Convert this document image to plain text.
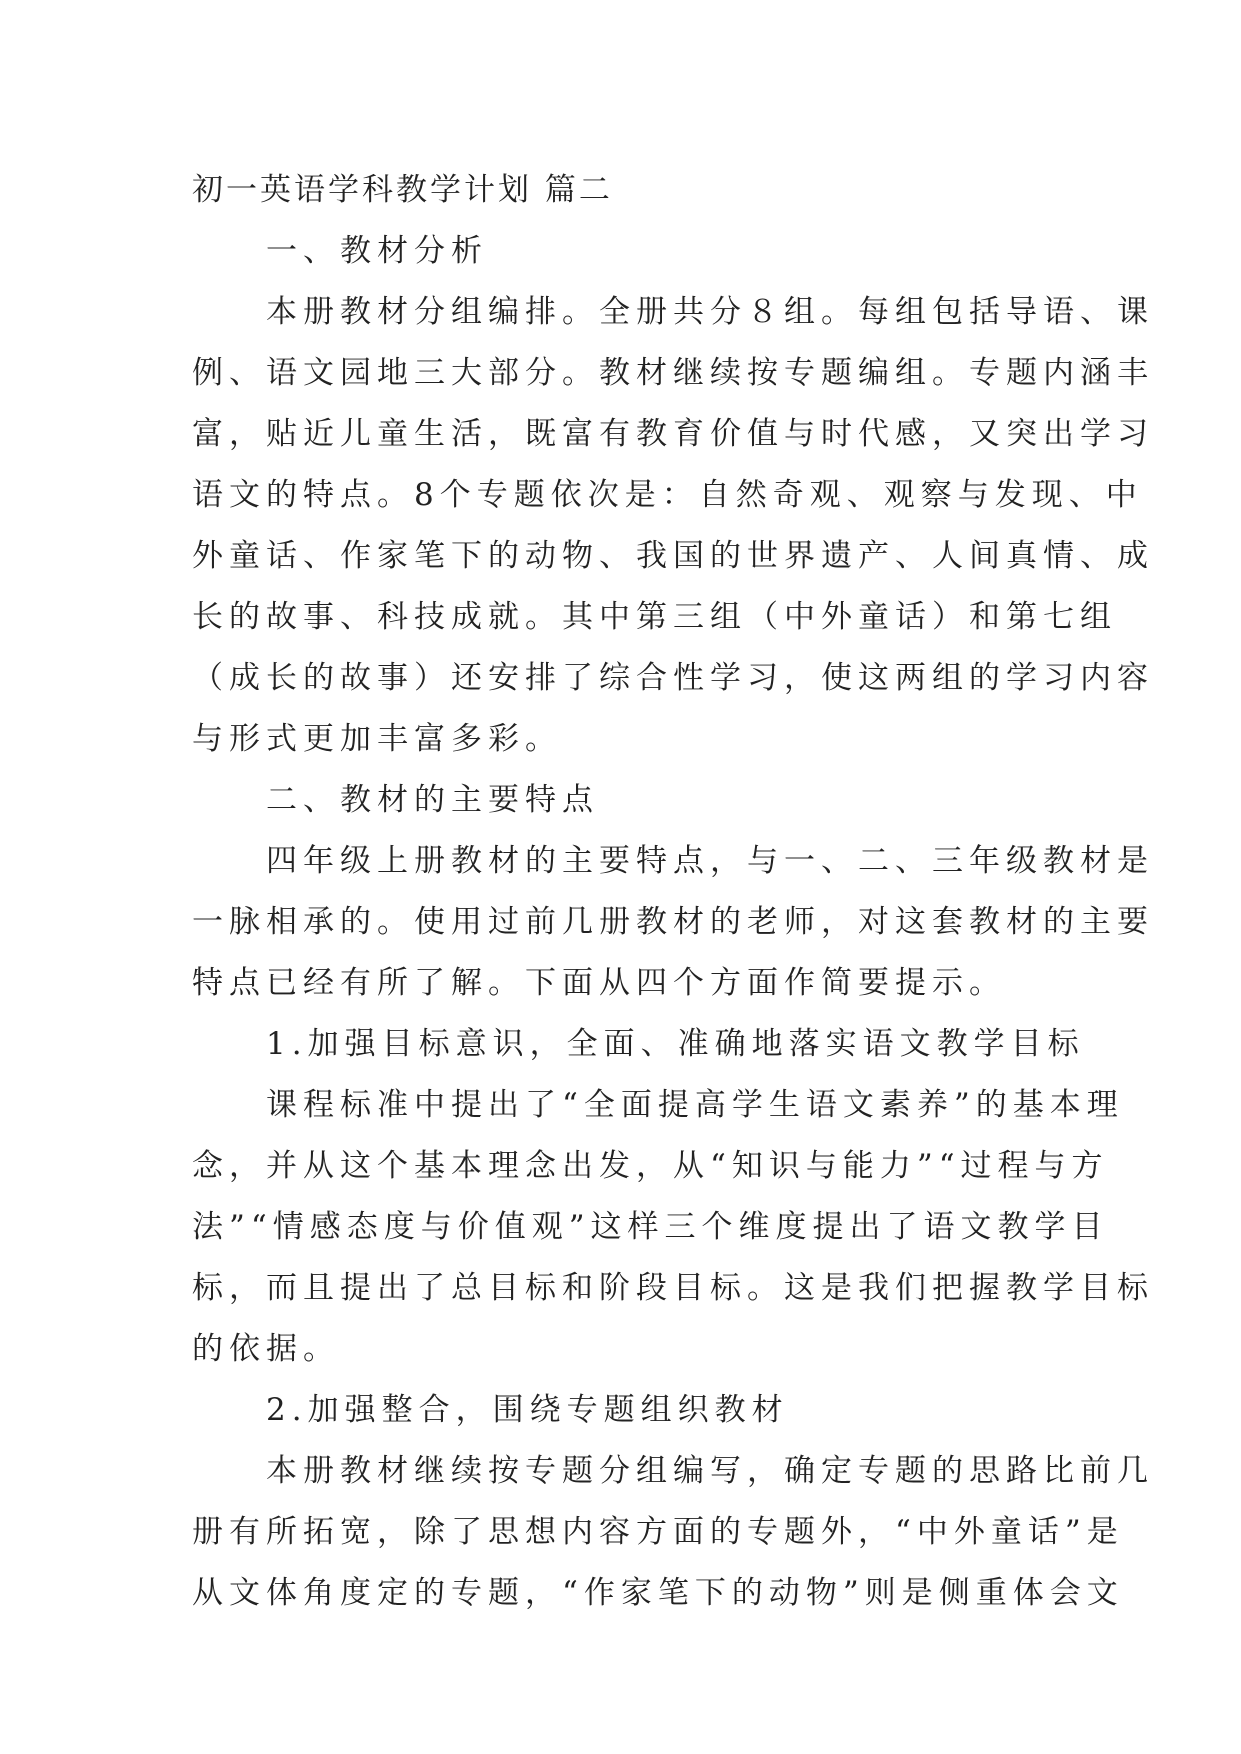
初一英语学科教学计划 篇二
　　一、教材分析
　　本册教材分组编排。全册共分８组。每组包括导语、课
例、语文园地三大部分。教材继续按专题编组。专题内涵丰
富，贴近儿童生活，既富有教育价值与时代感，又突出学习
语文的特点。8个专题依次是：自然奇观、观察与发现、中
外童话、作家笔下的动物、我国的世界遗产、人间真情、成
长的故事、科技成就。其中第三组（中外童话）和第七组
（成长的故事）还安排了综合性学习，使这两组的学习内容
与形式更加丰富多彩。
　　二、教材的主要特点
　　四年级上册教材的主要特点，与一、二、三年级教材是
一脉相承的。使用过前几册教材的老师，对这套教材的主要
特点已经有所了解。下面从四个方面作简要提示。
　　1.加强目标意识，全面、准确地落实语文教学目标
　　课程标准中提出了“全面提高学生语文素养”的基本理
念，并从这个基本理念出发，从“知识与能力”“过程与方
法”“情感态度与价值观”这样三个维度提出了语文教学目
标，而且提出了总目标和阶段目标。这是我们把握教学目标
的依据。
　　2.加强整合，围绕专题组织教材
　　本册教材继续按专题分组编写，确定专题的思路比前几
册有所拓宽，除了思想内容方面的专题外，“中外童话”是
从文体角度定的专题，“作家笔下的动物”则是侧重体会文
